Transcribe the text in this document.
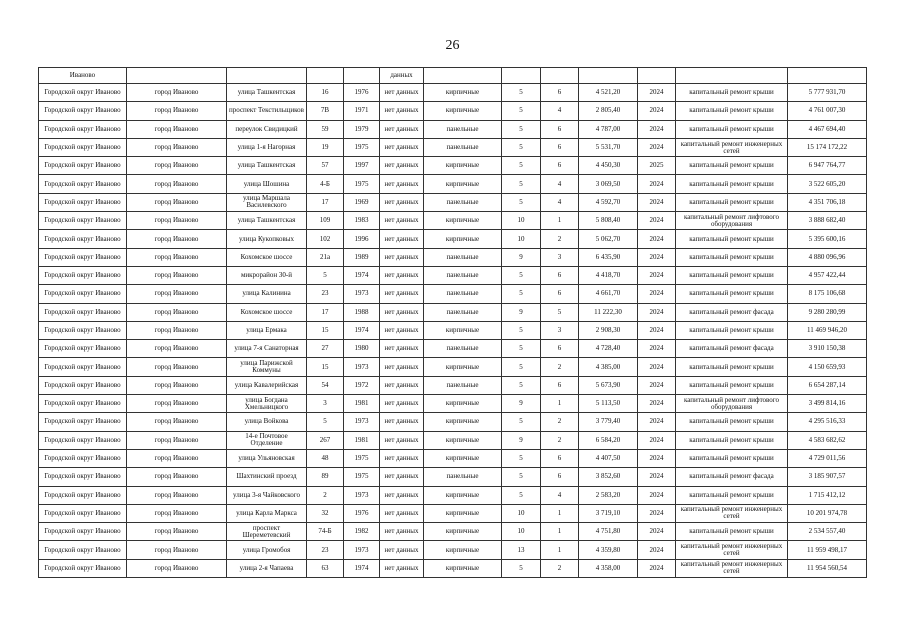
26
Иваново					данных							
Городской округ Иваново	город Иваново	улица Ташкентская	16	1976	нет данных	кирпичные	5	6	4 521,20	2024	капитальный ремонт крыши	5 777 931,70
Городской округ Иваново	город Иваново	проспект Текстильщиков	7В	1971	нет данных	кирпичные	5	4	2 805,40	2024	капитальный ремонт крыши	4 761 007,30
Городской округ Иваново	город Иваново	переулок Свидицкий	59	1979	нет данных	панельные	5	6	4 787,00	2024	капитальный ремонт крыши	4 467 694,40
Городской округ Иваново	город Иваново	улица 1-я Нагорная	19	1975	нет данных	панельные	5	6	5 531,70	2024	капитальный ремонт инженерных сетей	15 174 172,22
Городской округ Иваново	город Иваново	улица Ташкентская	57	1997	нет данных	кирпичные	5	6	4 450,30	2025	капитальный ремонт крыши	6 947 764,77
Городской округ Иваново	город Иваново	улица Шошина	4-Б	1975	нет данных	кирпичные	5	4	3 069,50	2024	капитальный ремонт крыши	3 522 605,20
Городской округ Иваново	город Иваново	улица Маршала Василевского	17	1969	нет данных	панельные	5	4	4 592,70	2024	капитальный ремонт крыши	4 351 706,18
Городской округ Иваново	город Иваново	улица Ташкентская	109	1983	нет данных	кирпичные	10	1	5 808,40	2024	капитальный ремонт лифтового оборудования	3 888 682,40
Городской округ Иваново	город Иваново	улица Кукопковых	102	1996	нет данных	кирпичные	10	2	5 062,70	2024	капитальный ремонт крыши	5 395 600,16
Городской округ Иваново	город Иваново	Кохомское шоссе	21а	1989	нет данных	панельные	9	3	6 435,90	2024	капитальный ремонт крыши	4 880 096,96
Городской округ Иваново	город Иваново	микрорайон 30-й	5	1974	нет данных	панельные	5	6	4 418,70	2024	капитальный ремонт крыши	4 957 422,44
Городской округ Иваново	город Иваново	улица Калинина	23	1973	нет данных	панельные	5	6	4 661,70	2024	капитальный ремонт крыши	8 175 106,68
Городской округ Иваново	город Иваново	Кохомское шоссе	17	1988	нет данных	панельные	9	5	11 222,30	2024	капитальный ремонт фасада	9 280 280,99
Городской округ Иваново	город Иваново	улица Ермака	15	1974	нет данных	кирпичные	5	3	2 908,30	2024	капитальный ремонт крыши	11 469 946,20
Городской округ Иваново	город Иваново	улица 7-я Санаторная	27	1980	нет данных	панельные	5	6	4 728,40	2024	капитальный ремонт фасада	3 910 150,38
Городской округ Иваново	город Иваново	улица Парижской Коммуны	15	1973	нет данных	кирпичные	5	2	4 385,00	2024	капитальный ремонт крыши	4 150 659,93
Городской округ Иваново	город Иваново	улица Кавалерийская	54	1972	нет данных	панельные	5	6	5 673,90	2024	капитальный ремонт крыши	6 654 287,14
Городской округ Иваново	город Иваново	улица Богдана Хмельницкого	3	1981	нет данных	кирпичные	9	1	5 113,50	2024	капитальный ремонт лифтового оборудования	3 499 814,16
Городской округ Иваново	город Иваново	улица Войкова	5	1973	нет данных	кирпичные	5	2	3 779,40	2024	капитальный ремонт крыши	4 295 516,33
Городской округ Иваново	город Иваново	14-е Почтовое Отделение	267	1981	нет данных	кирпичные	9	2	6 584,20	2024	капитальный ремонт крыши	4 583 682,62
Городской округ Иваново	город Иваново	улица Ульяновская	48	1975	нет данных	кирпичные	5	6	4 407,50	2024	капитальный ремонт крыши	4 729 011,56
Городской округ Иваново	город Иваново	Шахтинский проезд	89	1975	нет данных	панельные	5	6	3 852,60	2024	капитальный ремонт фасада	3 185 907,57
Городской округ Иваново	город Иваново	улица 3-я Чайковского	2	1973	нет данных	кирпичные	5	4	2 583,20	2024	капитальный ремонт крыши	1 715 412,12
Городской округ Иваново	город Иваново	улица Карла Маркса	32	1976	нет данных	кирпичные	10	1	3 719,10	2024	капитальный ремонт инженерных сетей	10 201 974,78
Городской округ Иваново	город Иваново	проспект Шереметевский	74-Б	1982	нет данных	кирпичные	10	1	4 751,80	2024	капитальный ремонт крыши	2 534 557,40
Городской округ Иваново	город Иваново	улица Громобоя	23	1973	нет данных	кирпичные	13	1	4 359,80	2024	капитальный ремонт инженерных сетей	11 959 498,17
Городской округ Иваново	город Иваново	улица 2-я Чапаева	63	1974	нет данных	кирпичные	5	2	4 358,00	2024	капитальный ремонт инженерных сетей	11 954 560,54
